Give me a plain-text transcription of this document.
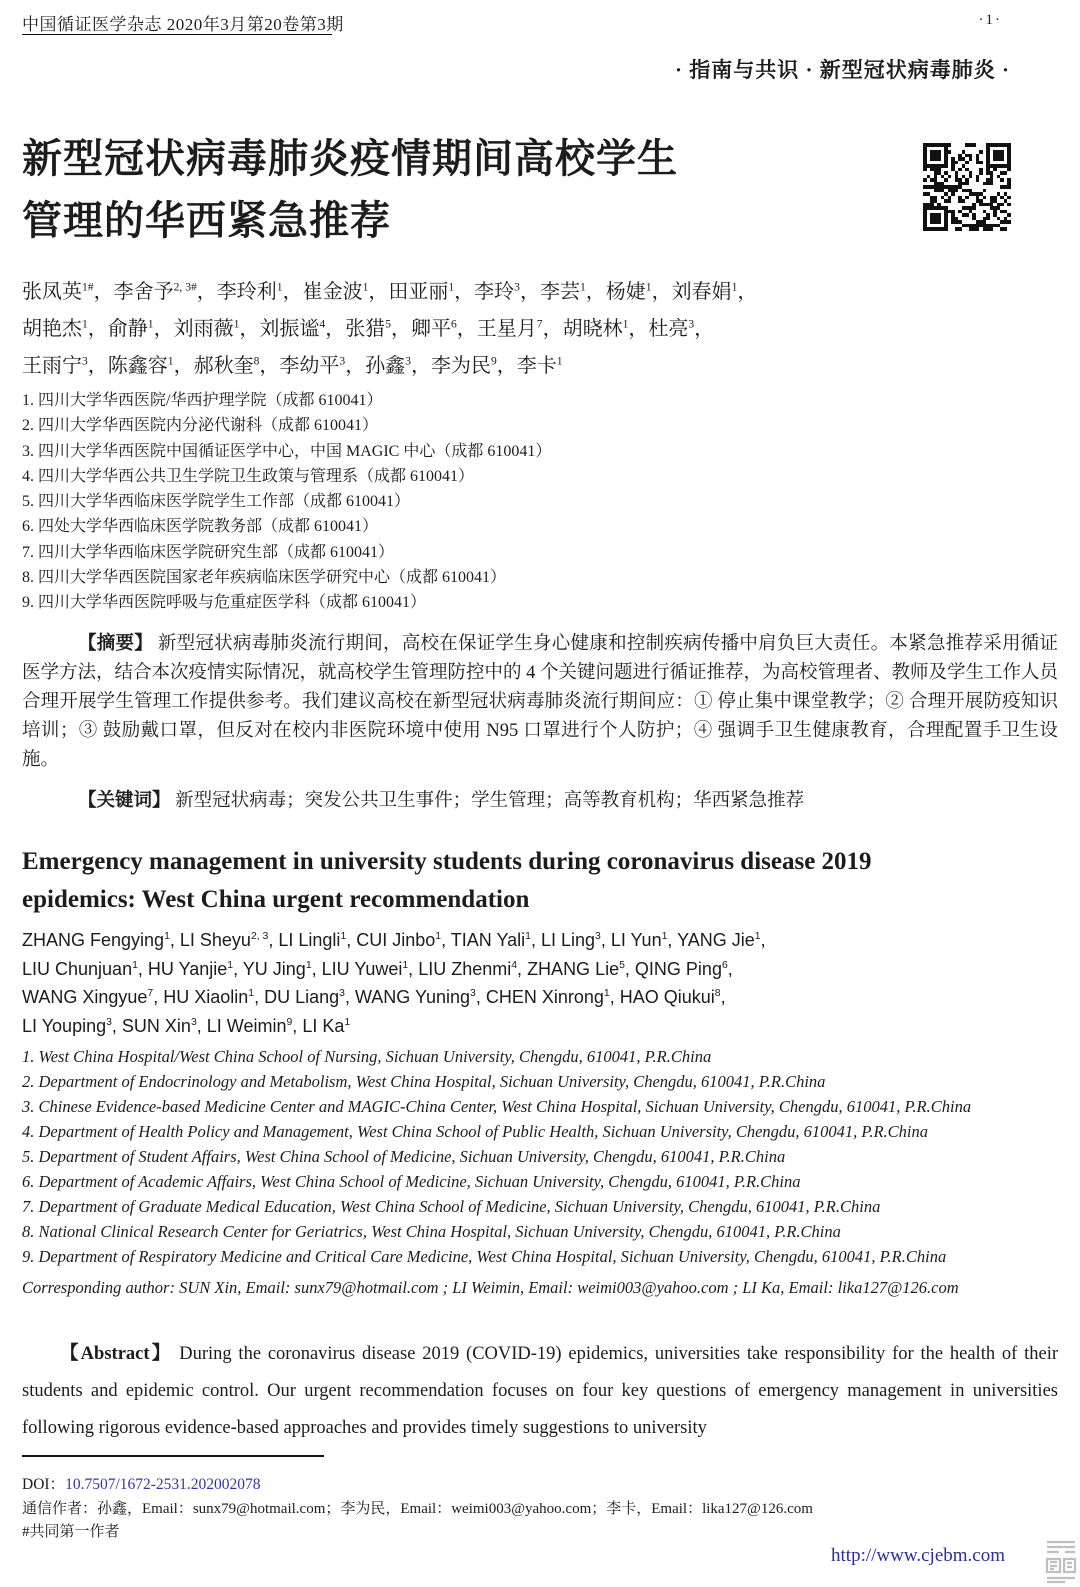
中国循证医学杂志 2020年3月第20卷第3期	·1·
· 指南与共识 · 新型冠状病毒肺炎 ·
新型冠状病毒肺炎疫情期间高校学生
管理的华西紧急推荐
张凤英$^{1\#}$，李舍予$^{2, 3\#}$，李玲利$^1$，崔金波$^1$，田亚丽$^1$，李玲$^3$，李芸$^1$，杨婕$^1$，刘春娟$^1$，
胡艳杰$^1$，俞静$^1$，刘雨薇$^1$，刘振谧$^4$，张猎$^5$，卿平$^6$，王星月$^7$，胡晓林$^1$，杜亮$^3$，
王雨宁$^3$，陈鑫容$^1$，郝秋奎$^8$，李幼平$^3$，孙鑫$^3$，李为民$^9$，李卡$^1$
1. 四川大学华西医院/华西护理学院（成都 610041）
2. 四川大学华西医院内分泌代谢科（成都 610041）
3. 四川大学华西医院中国循证医学中心，中国 MAGIC 中心（成都 610041）
4. 四川大学华西公共卫生学院卫生政策与管理系（成都 610041）
5. 四川大学华西临床医学院学生工作部（成都 610041）
6. 四处大学华西临床医学院教务部（成都 610041）
7. 四川大学华西临床医学院研究生部（成都 610041）
8. 四川大学华西医院国家老年疾病临床医学研究中心（成都 610041）
9. 四川大学华西医院呼吸与危重症医学科（成都 610041）
【摘要】 新型冠状病毒肺炎流行期间，高校在保证学生身心健康和控制疾病传播中肩负巨大责任。本紧急推荐采用循证医学方法，结合本次疫情实际情况，就高校学生管理防控中的 4 个关键问题进行循证推荐，为高校管理者、教师及学生工作人员合理开展学生管理工作提供参考。我们建议高校在新型冠状病毒肺炎流行期间应：① 停止集中课堂教学；② 合理开展防疫知识培训；③ 鼓励戴口罩，但反对在校内非医院环境中使用 N95 口罩进行个人防护；④ 强调手卫生健康教育，合理配置手卫生设施。
【关键词】 新型冠状病毒；突发公共卫生事件；学生管理；高等教育机构；华西紧急推荐
Emergency management in university students during coronavirus disease 2019 epidemics: West China urgent recommendation
ZHANG Fengying$^1$, LI Sheyu$^{2, 3}$, LI Lingli$^1$, CUI Jinbo$^1$, TIAN Yali$^1$, LI Ling$^3$, LI Yun$^1$, YANG Jie$^1$,
LIU Chunjuan$^1$, HU Yanjie$^1$, YU Jing$^1$, LIU Yuwei$^1$, LIU Zhenmi$^4$, ZHANG Lie$^5$, QING Ping$^6$,
WANG Xingyue$^7$, HU Xiaolin$^1$, DU Liang$^3$, WANG Yuning$^3$, CHEN Xinrong$^1$, HAO Qiukui$^8$,
LI Youping$^3$, SUN Xin$^3$, LI Weimin$^9$, LI Ka$^1$
1. West China Hospital/West China School of Nursing, Sichuan University, Chengdu, 610041, P.R.China
2. Department of Endocrinology and Metabolism, West China Hospital, Sichuan University, Chengdu, 610041, P.R.China
3. Chinese Evidence-based Medicine Center and MAGIC-China Center, West China Hospital, Sichuan University, Chengdu, 610041, P.R.China
4. Department of Health Policy and Management, West China School of Public Health, Sichuan University, Chengdu, 610041, P.R.China
5. Department of Student Affairs, West China School of Medicine, Sichuan University, Chengdu, 610041, P.R.China
6. Department of Academic Affairs, West China School of Medicine, Sichuan University, Chengdu, 610041, P.R.China
7. Department of Graduate Medical Education, West China School of Medicine, Sichuan University, Chengdu, 610041, P.R.China
8. National Clinical Research Center for Geriatrics, West China Hospital, Sichuan University, Chengdu, 610041, P.R.China
9. Department of Respiratory Medicine and Critical Care Medicine, West China Hospital, Sichuan University, Chengdu, 610041, P.R.China
Corresponding author: SUN Xin, Email: sunx79@hotmail.com ; LI Weimin, Email: weimi003@yahoo.com ; LI Ka, Email: lika127@126.com
【Abstract】 During the coronavirus disease 2019 (COVID-19) epidemics, universities take responsibility for the health of their students and epidemic control. Our urgent recommendation focuses on four key questions of emergency management in universities following rigorous evidence-based approaches and provides timely suggestions to university
DOI：10.7507/1672-2531.202002078
通信作者：孙鑫，Email：sunx79@hotmail.com；李为民，Email：weimi003@yahoo.com；李卡，Email：lika127@126.com
#共同第一作者
http://www.cjebm.com
